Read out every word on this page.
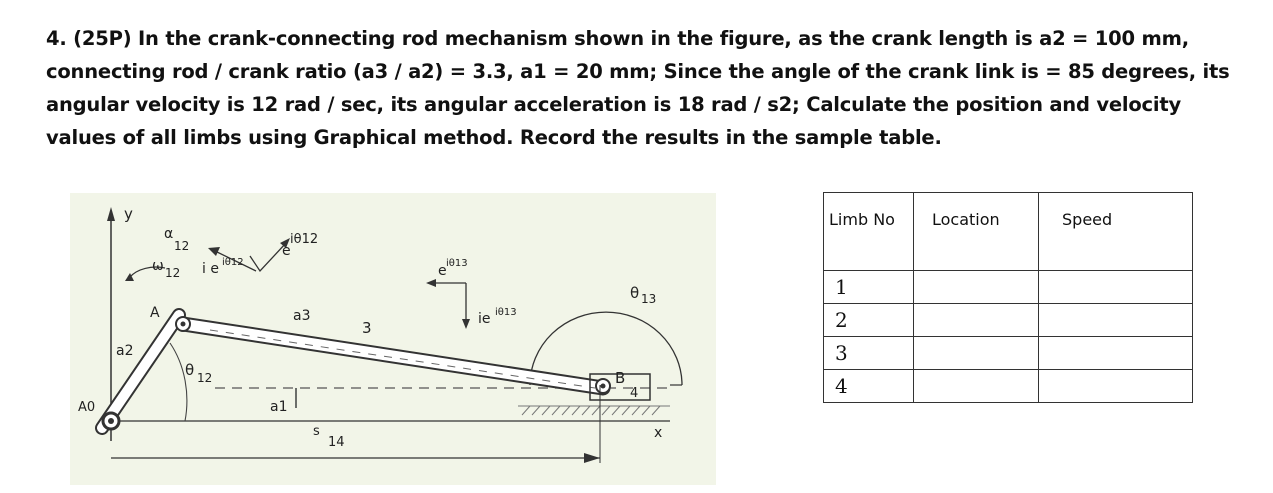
4. (25P) In the crank-connecting rod mechanism shown in the figure, as the crank length is a2 = 100 mm,
connecting rod / crank ratio (a3 / a2) = 3.3, a1 = 20 mm; Since the angle of the crank link is = 85 degrees, its
angular velocity is 12 rad / sec, its angular acceleration is 18 rad / s2; Calculate the position and velocity
values of all limbs using Graphical method. Record the results in the sample table.
y
α
12
ω 12 i e iθ12
e
iθ12
e iθ13
ie iθ13
θ 13
A	a3
3
a2
θ 12	B
4
A0	a1
s
14
x
Limb No	Location	Speed
1		
2		
3		
4		
